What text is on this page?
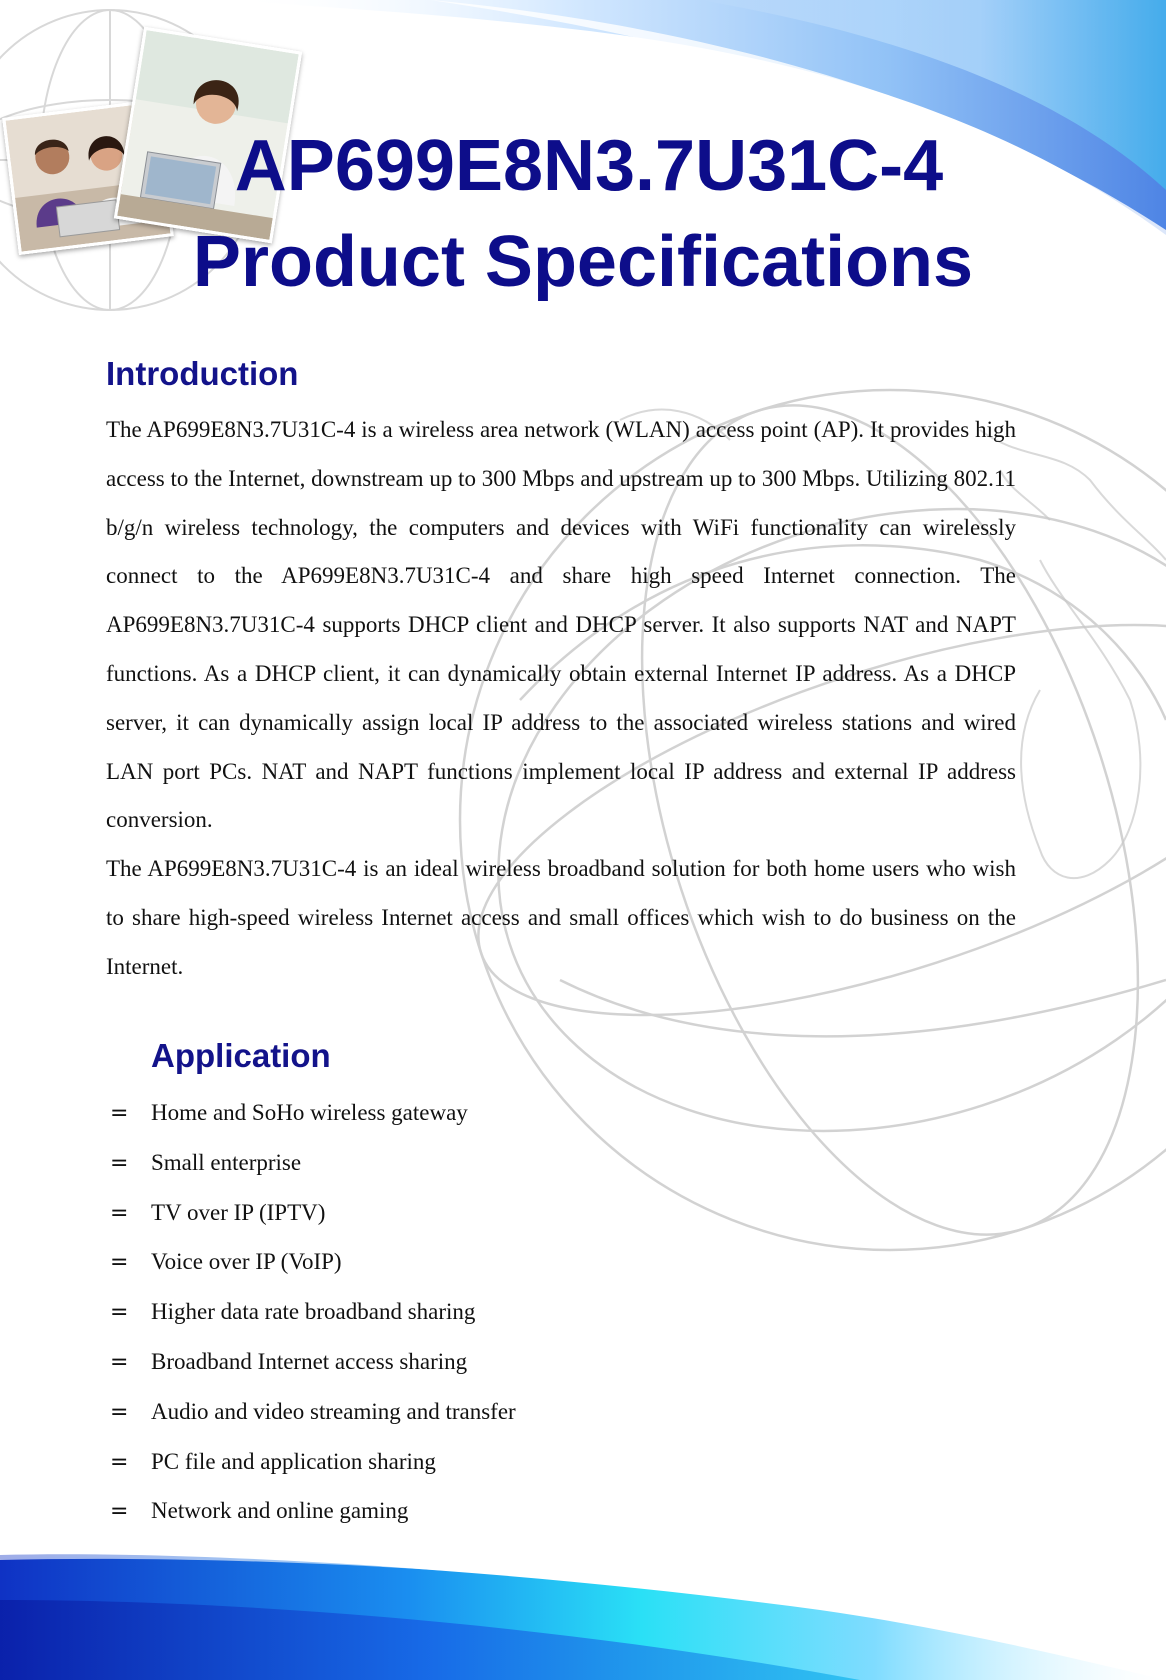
AP699E8N3.7U31C-4
Product Specifications
Introduction

The AP699E8N3.7U31C-4 is a wireless area network (WLAN) access point (AP). It provides high access to the Internet, downstream up to 300 Mbps and upstream up to 300 Mbps. Utilizing 802.11 b/g/n wireless technology, the computers and devices with WiFi functionality can wirelessly connect to the AP699E8N3.7U31C-4 and share high speed Internet connection. The AP699E8N3.7U31C-4 supports DHCP client and DHCP server. It also supports NAT and NAPT functions. As a DHCP client, it can dynamically obtain external Internet IP address. As a DHCP server, it can dynamically assign local IP address to the associated wireless stations and wired LAN port PCs. NAT and NAPT functions implement local IP address and external IP address conversion.

The AP699E8N3.7U31C-4 is an ideal wireless broadband solution for both home users who wish to share high-speed wireless Internet access and small offices which wish to do business on the Internet.

Application
= Home and SoHo wireless gateway
= Small enterprise
= TV over IP (IPTV)
= Voice over IP (VoIP)
= Higher data rate broadband sharing
= Broadband Internet access sharing
= Audio and video streaming and transfer
= PC file and application sharing
= Network and online gaming
